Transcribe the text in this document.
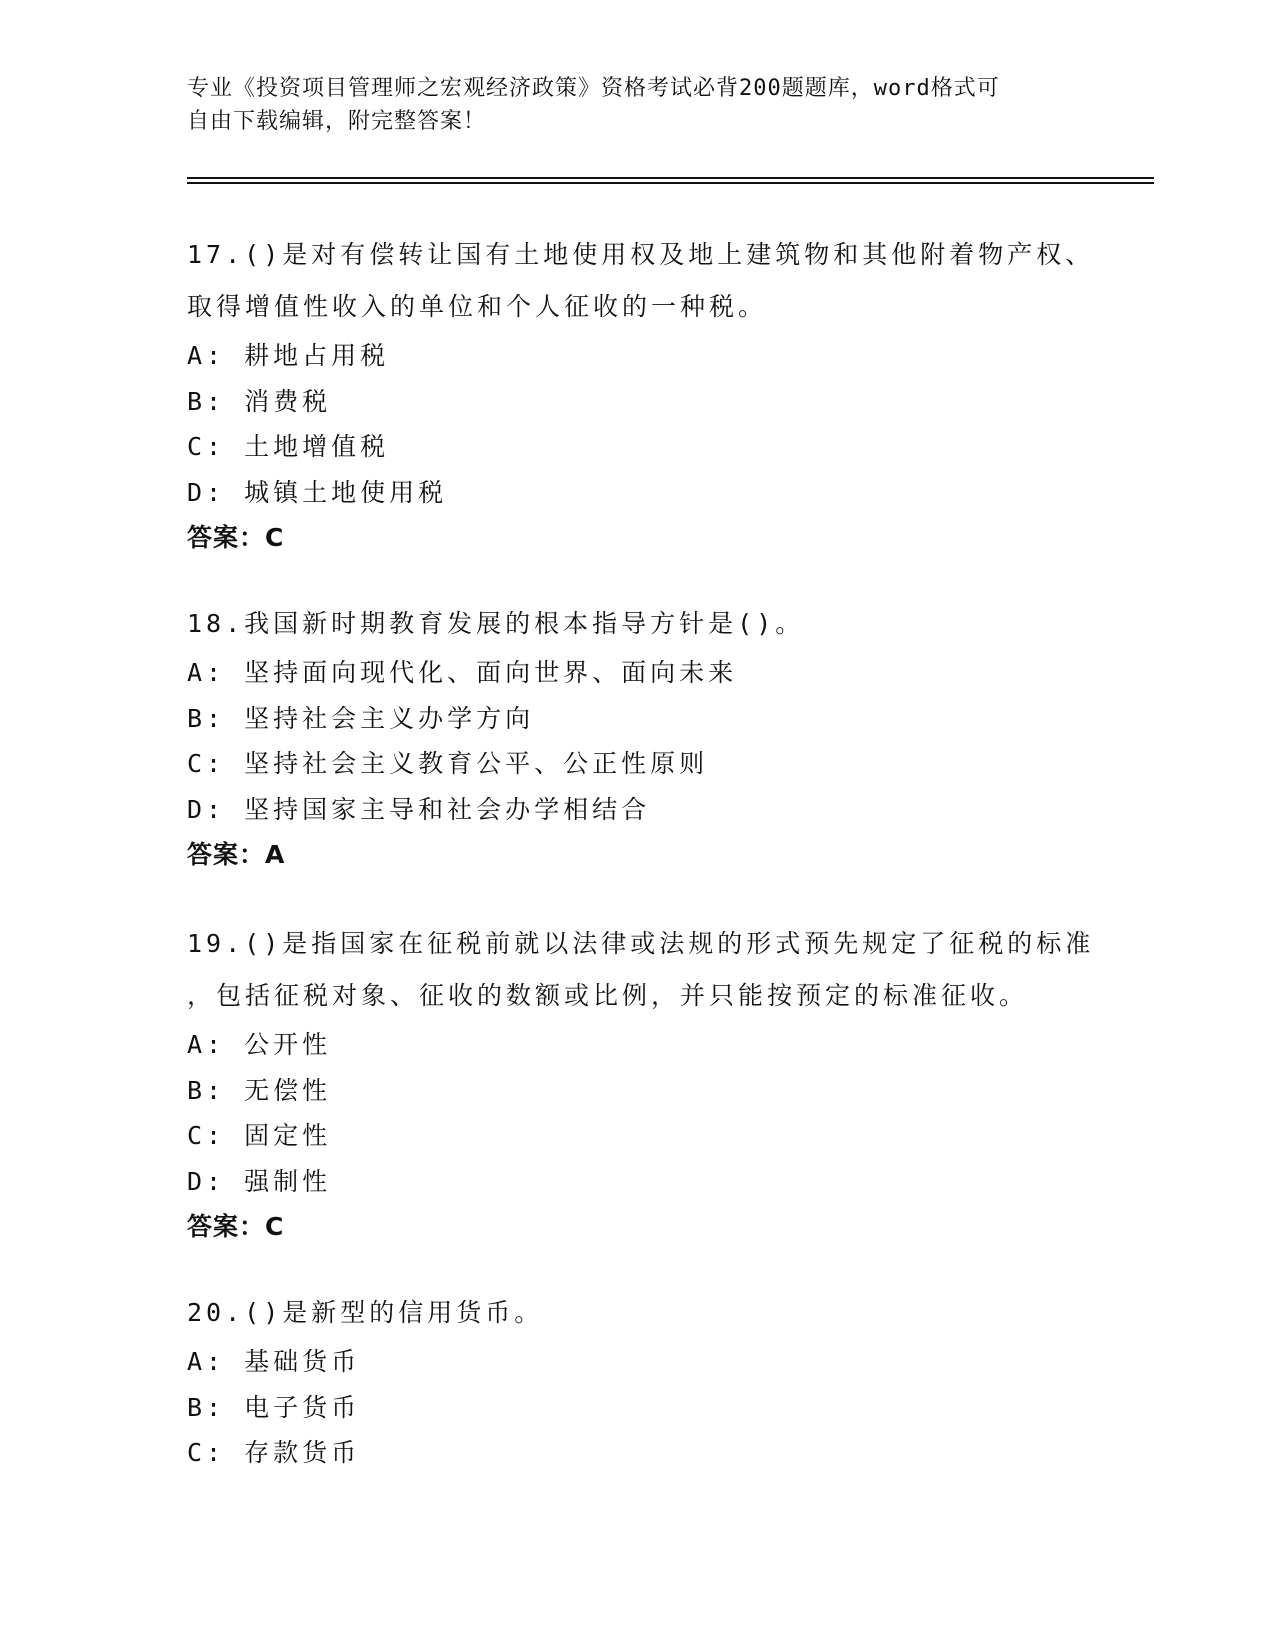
专业《投资项目管理师之宏观经济政策》资格考试必背200题题库，word格式可
自由下载编辑，附完整答案！
17.()是对有偿转让国有土地使用权及地上建筑物和其他附着物产权、
取得增值性收入的单位和个人征收的一种税。
A: 耕地占用税
B: 消费税
C: 土地增值税
D: 城镇土地使用税
答案：C
18.我国新时期教育发展的根本指导方针是()。
A: 坚持面向现代化、面向世界、面向未来
B: 坚持社会主义办学方向
C: 坚持社会主义教育公平、公正性原则
D: 坚持国家主导和社会办学相结合
答案：A
19.()是指国家在征税前就以法律或法规的形式预先规定了征税的标准
，包括征税对象、征收的数额或比例，并只能按预定的标准征收。
A: 公开性
B: 无偿性
C: 固定性
D: 强制性
答案：C
20.()是新型的信用货币。
A: 基础货币
B: 电子货币
C: 存款货币
